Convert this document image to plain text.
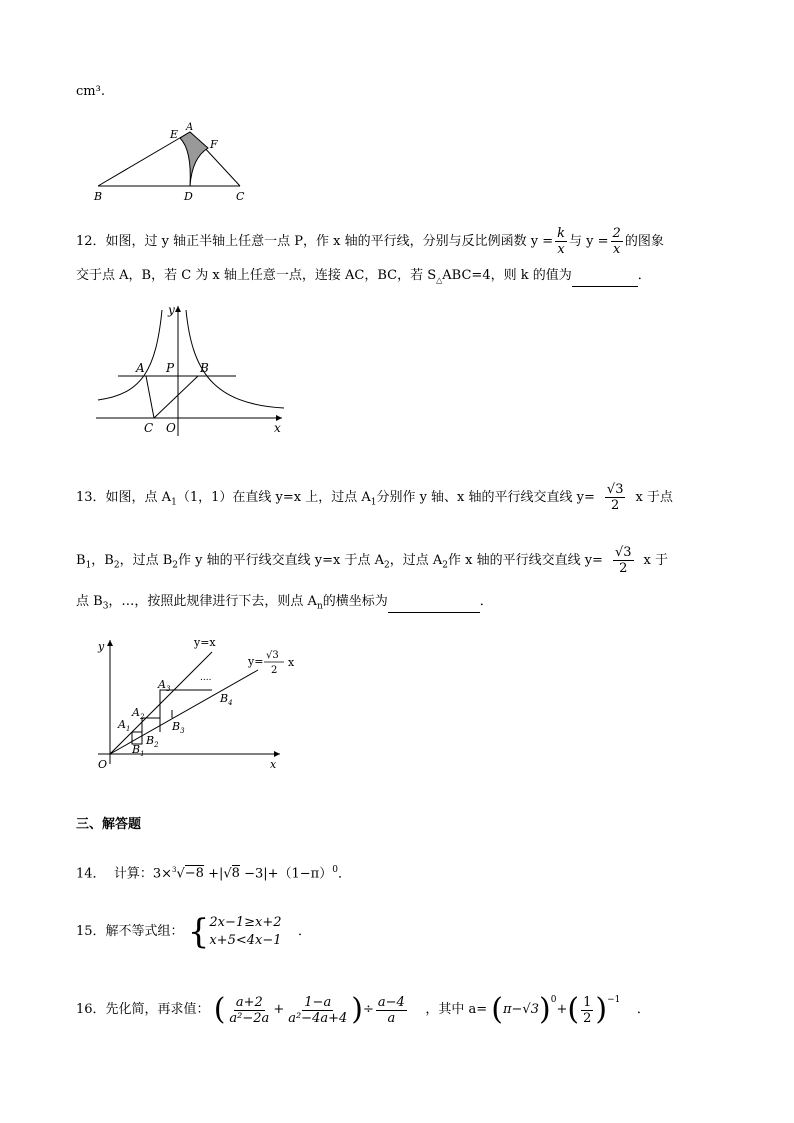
cm³.
A
E
F
B	D	C
12．如图，过 y 轴正半轴上任意一点 P，作 x 轴的平行线，分别与反比例函数 $y = \frac{k}{x}$ 与 $y = \frac{2}{x}$ 的图象
交于点 A，B，若 C 为 x 轴上任意一点，连接 AC，BC，若 $S_\triangle ABC=4$，则 k 的值为	．
y
A P B
C O	x
13．如图，点 $A_1(1$，1）在直线 y=x 上，过点 $A_1$分别作 y 轴、x 轴的平行线交直线 $y= \frac{√3}{2}$ x 于点
$B_1$，$B_2$，过点 $B_2$作 y 轴的平行线交直线 y=x 于点 $A_2$，过点 $A_2$作 x 轴的平行线交直线 $y= \frac{√3}{2}$ x 于
点 $B_3$，…，按照此规律进行下去，则点 $A_n$的横坐标为	．
y	y=x
y= √3
2
x
....
$A_3$
$B_4$
$A_2$
$B_3$
$A_1$
$B_2$
$B_1$
O	x
三、解答题
14． 计算：$3\times^3√-8 +|√8 -3|+(1-\pi)^0$．
15． 解不等式组：
{ 2x−1≥x+2
x+5<4x−1

．
16． 先化简，再求值：
( $\frac{a+2}{\text{a²−2a}} + \frac{1-a}{\text{a²−4a+4}}$ ) ÷ $\frac{a-4}{a}$
，其中 a=
( π−√3 )$^0$
+ ( $\frac{1}{2} )^{-1}$

．
